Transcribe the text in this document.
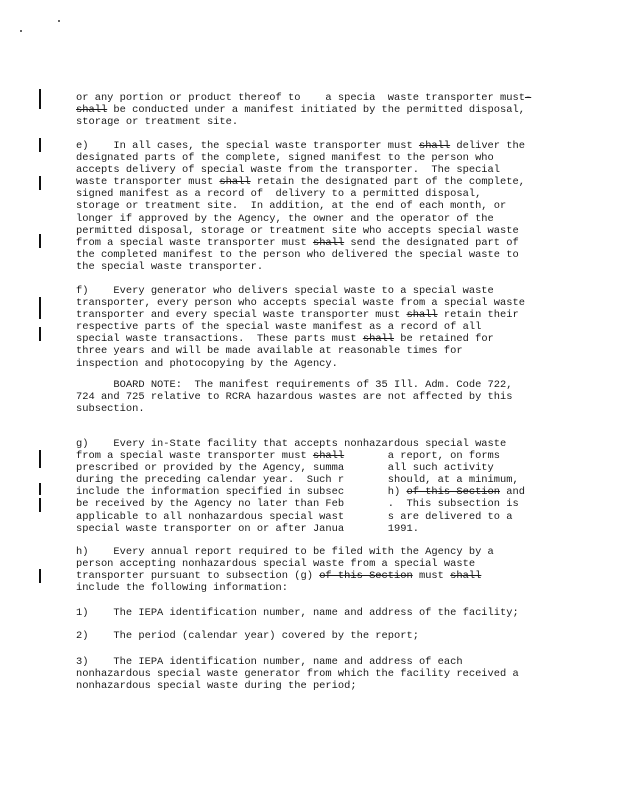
or any portion or product thereof to    a specia  waste transporter must-
shall be conducted under a manifest initiated by the permitted disposal,
storage or treatment site.
e)    In all cases, the special waste transporter must shall deliver the
designated parts of the complete, signed manifest to the person who
accepts delivery of special waste from the transporter.  The special
waste transporter must shall retain the designated part of the complete,
signed manifest as a record of  delivery to a permitted disposal,
storage or treatment site.  In addition, at the end of each month, or
longer if approved by the Agency, the owner and the operator of the
permitted disposal, storage or treatment site who accepts special waste
from a special waste transporter must shall send the designated part of
the completed manifest to the person who delivered the special waste to
the special waste transporter.
f)    Every generator who delivers special waste to a special waste
transporter, every person who accepts special waste from a special waste
transporter and every special waste transporter must shall retain their
respective parts of the special waste manifest as a record of all
special waste transactions.  These parts must shall be retained for
three years and will be made available at reasonable times for
inspection and photocopying by the Agency.
BOARD NOTE:  The manifest requirements of 35 Ill. Adm. Code 722,
724 and 725 relative to RCRA hazardous wastes are not affected by this
subsection.
g)    Every in-State facility that accepts nonhazardous special waste
from a special waste transporter must shall       a report, on forms
prescribed or provided by the Agency, summa       all such activity
during the preceding calendar year.  Such r       should, at a minimum,
include the information specified in subsec       h) of this Section and
be received by the Agency no later than Feb       .  This subsection is
applicable to all nonhazardous special wast       s are delivered to a
special waste transporter on or after Janua       1991.
h)    Every annual report required to be filed with the Agency by a
person accepting nonhazardous special waste from a special waste
transporter pursuant to subsection (g) of this Section must shall
include the following information:
1)    The IEPA identification number, name and address of the facility;
2)    The period (calendar year) covered by the report;
3)    The IEPA identification number, name and address of each
nonhazardous special waste generator from which the facility received a
nonhazardous special waste during the period;
